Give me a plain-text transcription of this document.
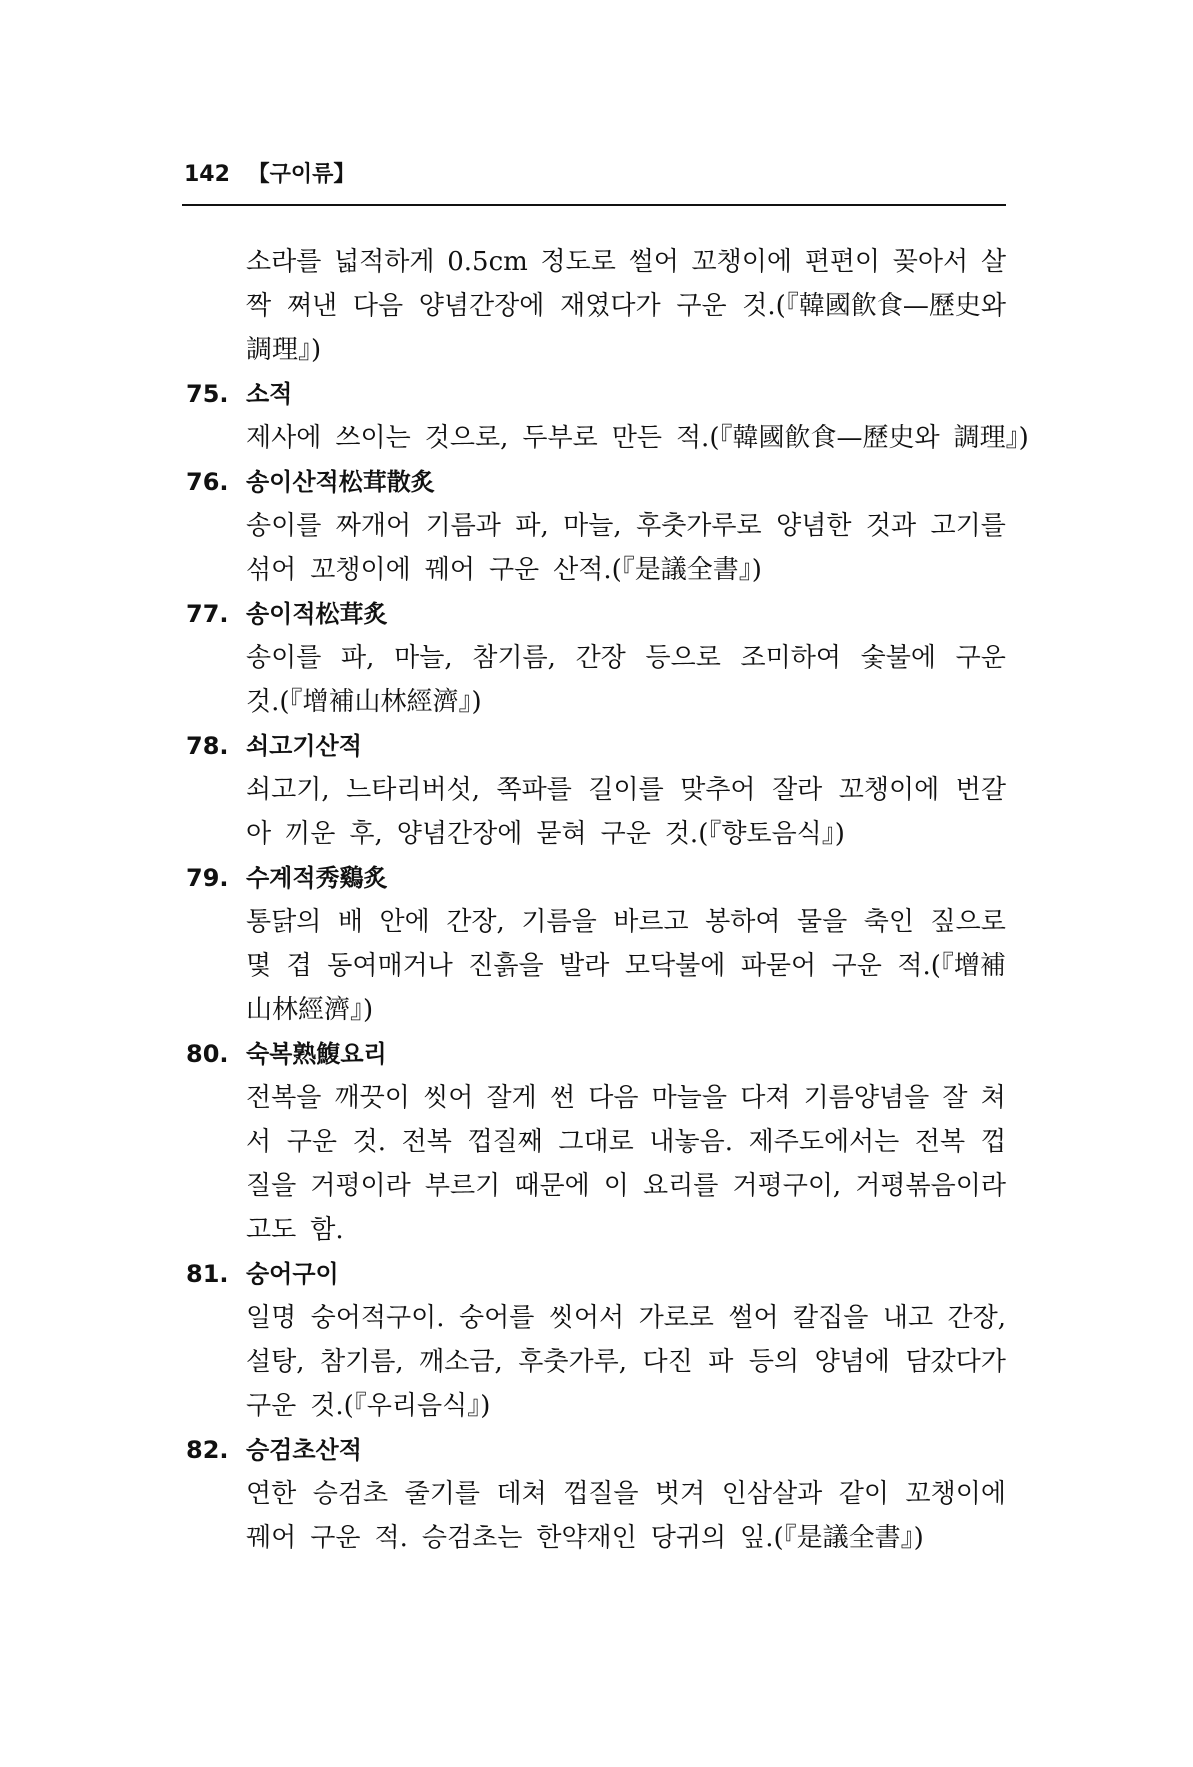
142 【구이류】
소라를 넓적하게 0.5cm 정도로 썰어 꼬챙이에 편편이 꽂아서 살
짝 쪄낸 다음 양념간장에 재였다가 구운 것.(『韓國飮食—歷史와
調理』)
75. 소적
제사에 쓰이는 것으로, 두부로 만든 적.(『韓國飮食—歷史와 調理』)
76. 송이산적松茸散炙
송이를 짜개어 기름과 파, 마늘, 후춧가루로 양념한 것과 고기를
섞어 꼬챙이에 꿰어 구운 산적.(『是議全書』)
77. 송이적松茸炙
송이를 파, 마늘, 참기름, 간장 등으로 조미하여 숯불에 구운
것.(『增補山林經濟』)
78. 쇠고기산적
쇠고기, 느타리버섯, 쪽파를 길이를 맞추어 잘라 꼬챙이에 번갈
아 끼운 후, 양념간장에 묻혀 구운 것.(『향토음식』)
79. 수계적秀鷄炙
통닭의 배 안에 간장, 기름을 바르고 봉하여 물을 축인 짚으로
몇 겹 동여매거나 진흙을 발라 모닥불에 파묻어 구운 적.(『增補
山林經濟』)
80. 숙복熟鰒요리
전복을 깨끗이 씻어 잘게 썬 다음 마늘을 다져 기름양념을 잘 쳐
서 구운 것. 전복 껍질째 그대로 내놓음. 제주도에서는 전복 껍
질을 거평이라 부르기 때문에 이 요리를 거평구이, 거평볶음이라
고도 함.
81. 숭어구이
일명 숭어적구이. 숭어를 씻어서 가로로 썰어 칼집을 내고 간장,
설탕, 참기름, 깨소금, 후춧가루, 다진 파 등의 양념에 담갔다가
구운 것.(『우리음식』)
82. 승검초산적
연한 승검초 줄기를 데쳐 껍질을 벗겨 인삼살과 같이 꼬챙이에
꿰어 구운 적. 승검초는 한약재인 당귀의 잎.(『是議全書』)
